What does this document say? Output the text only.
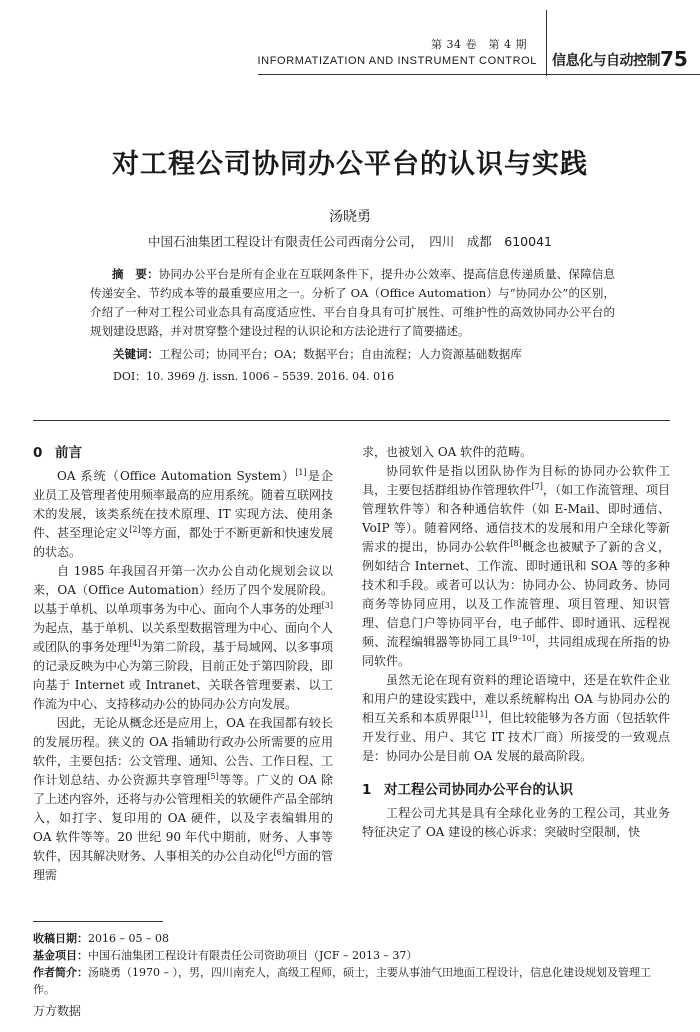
第 34 卷　第 4 期
INFORMATIZATION AND INSTRUMENT CONTROL 信息化与自动控制 75
对工程公司协同办公平台的认识与实践
汤晓勇
中国石油集团工程设计有限责任公司西南分公司，　四川　成都　610041
摘　要：协同办公平台是所有企业在互联网条件下，提升办公效率、提高信息传递质量、保障信息传递安全、节约成本等的最重要应用之一。分析了 OA（Office Automation）与“协同办公”的区别，介绍了一种对工程公司业态具有高度适应性、平台自身具有可扩展性、可维护性的高效协同办公平台的规划建设思路，并对贯穿整个建设过程的认识论和方法论进行了简要描述。
关键词：工程公司；协同平台；OA；数据平台；自由流程；人力资源基础数据库
DOI：10. 3969 /j. issn. 1006 – 5539. 2016. 04. 016
0 前言

OA 系统（Office Automation System）[1]是企业员工及管理者使用频率最高的应用系统。随着互联网技术的发展，该类系统在技术原理、IT 实现方法、使用条件、甚至理论定义[2]等方面，都处于不断更新和快速发展的状态。

自 1985 年我国召开第一次办公自动化规划会议以来，OA（Office Automation）经历了四个发展阶段。以基于单机、以单项事务为中心、面向个人事务的处理[3]为起点，基于单机、以关系型数据管理为中心、面向个人或团队的事务处理[4]为第二阶段，基于局域网、以多事项的记录反映为中心为第三阶段，目前正处于第四阶段，即向基于 Internet 或 Intranet、关联各管理要素、以工作流为中心、支持移动办公的协同办公方向发展。

因此，无论从概念还是应用上，OA 在我国都有较长的发展历程。狭义的 OA 指辅助行政办公所需要的应用软件，主要包括：公文管理、通知、公告、工作日程、工作计划总结、办公资源共享管理[5]等等。广义的 OA 除了上述内容外，还将与办公管理相关的软硬件产品全部纳入，如打字、复印用的 OA 硬件，以及字表编辑用的 OA 软件等等。20 世纪 90 年代中期前，财务、人事等软件，因其解决财务、人事相关的办公自动化[6]方面的管理需

求，也被划入 OA 软件的范畴。

协同软件是指以团队协作为目标的协同办公软件工具，主要包括群组协作管理软件[7]，（如工作流管理、项目管理软件等）和各种通信软件（如 E-Mail、即时通信、VoIP 等）。随着网络、通信技术的发展和用户全球化等新需求的提出，协同办公软件[8]概念也被赋予了新的含义，例如结合 Internet、工作流、即时通讯和 SOA 等的多种技术和手段。或者可以认为：协同办公、协同政务、协同商务等协同应用，以及工作流管理、项目管理、知识管理、信息门户等协同平台，电子邮件、即时通讯、远程视频、流程编辑器等协同工具[9–10]，共同组成现在所指的协同软件。

虽然无论在现有资料的理论语境中，还是在软件企业和用户的建设实践中，难以系统解构出 OA 与协同办公的相互关系和本质界限[11]，但比较能够为各方面（包括软件开发行业、用户、其它 IT 技术厂商）所接受的一致观点是：协同办公是目前 OA 发展的最高阶段。

1 对工程公司协同办公平台的认识

工程公司尤其是具有全球化业务的工程公司，其业务特征决定了 OA 建设的核心诉求：突破时空限制，快

收稿日期：2016 – 05 – 08
基金项目：中国石油集团工程设计有限责任公司资助项目（JCF – 2013 – 37）
作者简介：汤晓勇（1970 – ），男，四川南充人，高级工程师，硕士，主要从事油气田地面工程设计，信息化建设规划及管理工作。
万方数据
